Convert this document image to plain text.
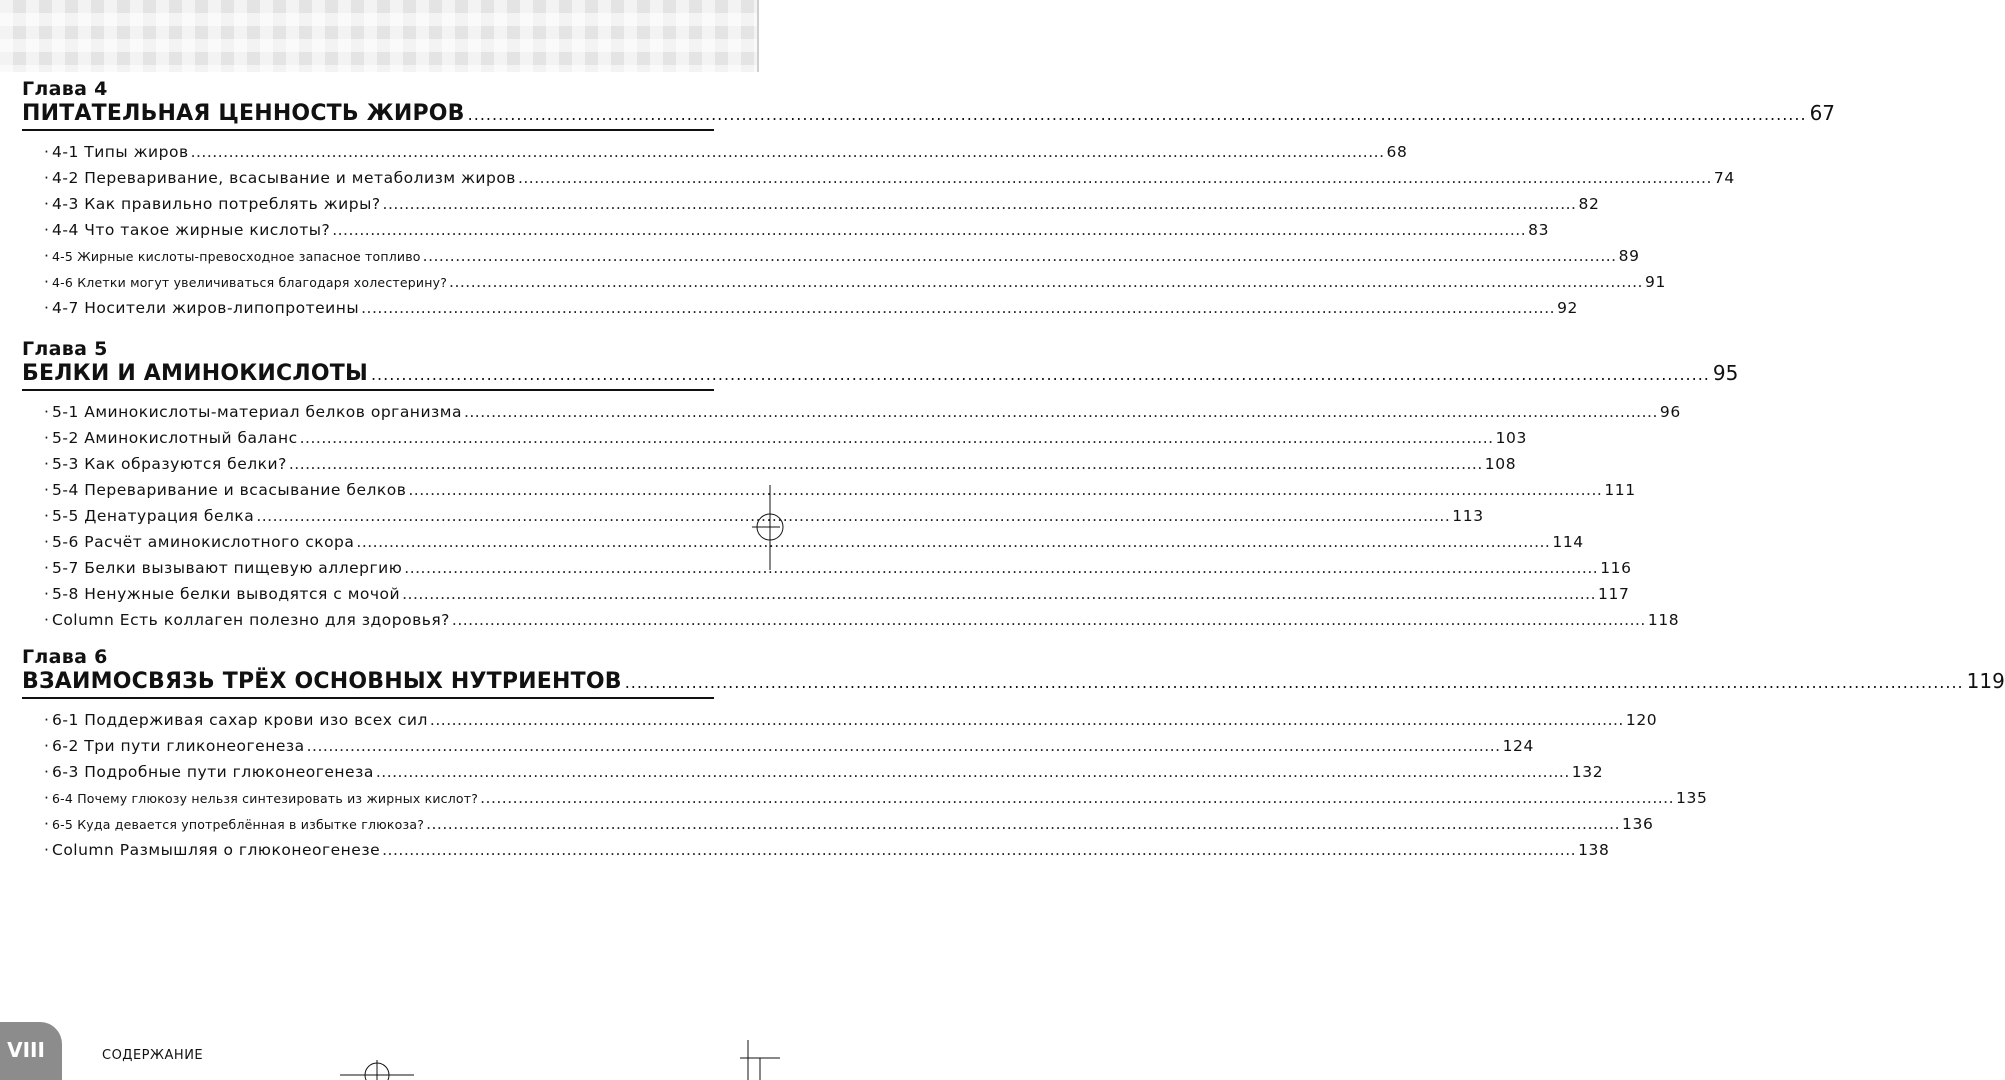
Глава 4
ПИТАТЕЛЬНАЯ ЦЕННОСТЬ ЖИРОВ ............................................................................................................................................................................................................................ 67
· 4-1 Типы жиров ............................................................................................................................................................................................................................ 68
· 4-2 Переваривание, всасывание и метаболизм жиров ............................................................................................................................................................................................................................ 74
· 4-3 Как правильно потреблять жиры? ............................................................................................................................................................................................................................ 82
· 4-4 Что такое жирные кислоты? ............................................................................................................................................................................................................................ 83
· 4-5 Жирные кислоты-превосходное запасное топливо ............................................................................................................................................................................................................................ 89
· 4-6 Клетки могут увеличиваться благодаря холестерину? ............................................................................................................................................................................................................................ 91
· 4-7 Носители жиров-липопротеины ............................................................................................................................................................................................................................ 92
Глава 5
БЕЛКИ И АМИНОКИСЛОТЫ ............................................................................................................................................................................................................................ 95
· 5-1 Аминокислоты-материал белков организма ............................................................................................................................................................................................................................ 96
· 5-2 Аминокислотный баланс ............................................................................................................................................................................................................................ 103
· 5-3 Как образуются белки? ............................................................................................................................................................................................................................ 108
· 5-4 Переваривание и всасывание белков ............................................................................................................................................................................................................................ 111
· 5-5 Денатурация белка ............................................................................................................................................................................................................................ 113
· 5-6 Расчёт аминокислотного скора ............................................................................................................................................................................................................................ 114
· 5-7 Белки вызывают пищевую аллергию ............................................................................................................................................................................................................................ 116
· 5-8 Ненужные белки выводятся с мочой ............................................................................................................................................................................................................................ 117
· Column Есть коллаген полезно для здоровья? ............................................................................................................................................................................................................................ 118
Глава 6
ВЗАИМОСВЯЗЬ ТРЁХ ОСНОВНЫХ НУТРИЕНТОВ ............................................................................................................................................................................................................................ 119
· 6-1 Поддерживая сахар крови изо всех сил ............................................................................................................................................................................................................................ 120
· 6-2 Три пути гликонеогенеза ............................................................................................................................................................................................................................ 124
· 6-3 Подробные пути глюконеогенеза ............................................................................................................................................................................................................................ 132
· 6-4 Почему глюкозу нельзя синтезировать из жирных кислот? ............................................................................................................................................................................................................................ 135
· 6-5 Куда девается употреблённая в избытке глюкоза? ............................................................................................................................................................................................................................ 136
· Column Размышляя о глюконеогенезе ............................................................................................................................................................................................................................ 138
VIII	СОДЕРЖАНИЕ
